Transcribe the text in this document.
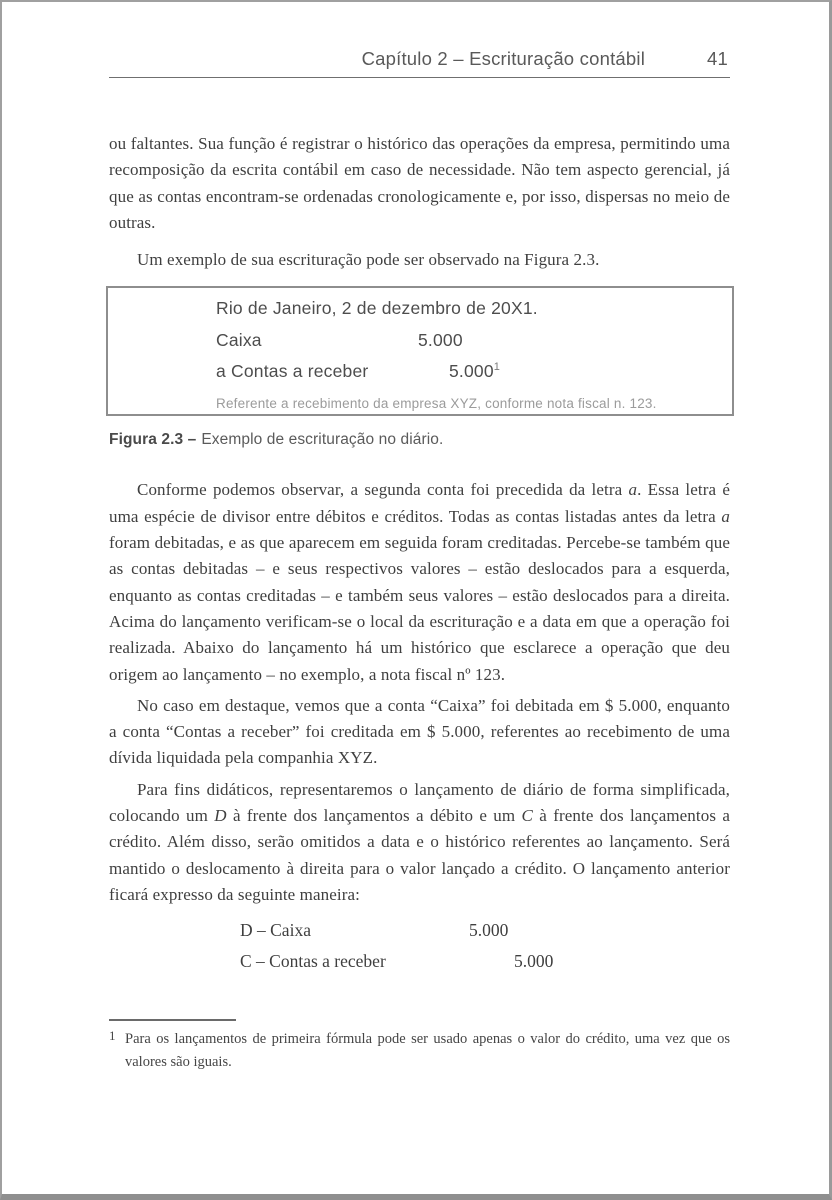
Capítulo 2 – Escrituração contábil	41

ou faltantes. Sua função é registrar o histórico das operações da empresa, permitindo uma recomposição da escrita contábil em caso de necessidade. Não tem aspecto gerencial, já que as contas encontram-se ordenadas cronologicamente e, por isso, dispersas no meio de outras.

Um exemplo de sua escrituração pode ser observado na Figura 2.3.

Rio de Janeiro, 2 de dezembro de 20X1.
Caixa	5.000
a Contas a receber	5.000$^1$
Referente a recebimento da empresa XYZ, conforme nota fiscal n. 123.
Figura 2.3 – Exemplo de escrituração no diário.

Conforme podemos observar, a segunda conta foi precedida da letra a. Essa letra é uma espécie de divisor entre débitos e créditos. Todas as contas listadas antes da letra a foram debitadas, e as que aparecem em seguida foram creditadas. Percebe-se também que as contas debitadas – e seus respectivos valores – estão deslocados para a esquerda, enquanto as contas creditadas – e também seus valores – estão deslocados para a direita. Acima do lançamento verificam-se o local da escrituração e a data em que a operação foi realizada. Abaixo do lançamento há um histórico que esclarece a operação que deu origem ao lançamento – no exemplo, a nota fiscal nº 123.

No caso em destaque, vemos que a conta “Caixa” foi debitada em $ 5.000, enquanto a conta “Contas a receber” foi creditada em $ 5.000, referentes ao recebimento de uma dívida liquidada pela companhia XYZ.

Para fins didáticos, representaremos o lançamento de diário de forma simplificada, colocando um D à frente dos lançamentos a débito e um C à frente dos lançamentos a crédito. Além disso, serão omitidos a data e o histórico referentes ao lançamento. Será mantido o deslocamento à direita para o valor lançado a crédito. O lançamento anterior ficará expresso da seguinte maneira:

D – Caixa	5.000
C – Contas a receber	5.000
1 Para os lançamentos de primeira fórmula pode ser usado apenas o valor do crédito, uma vez que os valores são iguais.
